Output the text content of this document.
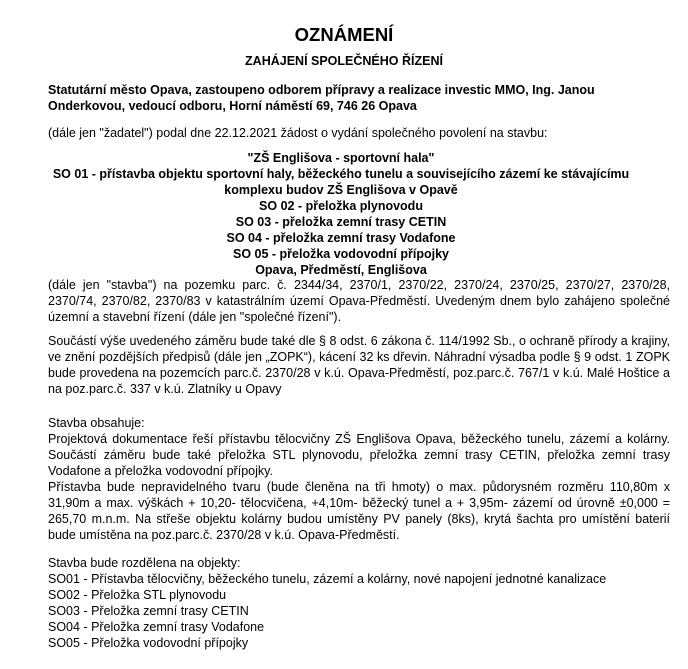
OZNÁMENÍ
ZAHÁJENÍ SPOLEČNÉHO ŘÍZENÍ

Statutární město Opava, zastoupeno odborem přípravy a realizace investic MMO, Ing. Janou Onderkovou, vedoucí odboru, Horní náměstí 69, 746 26 Opava

(dále jen "žadatel") podal dne 22.12.2021 žádost o vydání společného povolení na stavbu:

"ZŠ Englišova - sportovní hala"
SO 01 - přístavba objektu sportovní haly, běžeckého tunelu a souvisejícího zázemí ke stávajícímu komplexu budov ZŠ Englišova v Opavě
SO 02 - přeložka plynovodu
SO 03 - přeložka zemní trasy CETIN
SO 04 - přeložka zemní trasy Vodafone
SO 05 - přeložka vodovodní přípojky
Opava, Předměstí, Englišova

(dále jen "stavba") na pozemku parc. č. 2344/34, 2370/1, 2370/22, 2370/24, 2370/25, 2370/27, 2370/28, 2370/74, 2370/82, 2370/83 v katastrálním území Opava-Předměstí. Uvedeným dnem bylo zahájeno společné územní a stavební řízení (dále jen "společné řízení").

Součástí výše uvedeného záměru bude také dle § 8 odst. 6 zákona č. 114/1992 Sb., o ochraně přírody a krajiny, ve znění pozdějších předpisů (dále jen „ZOPK“), kácení 32 ks dřevin. Náhradní výsadba podle § 9 odst. 1 ZOPK bude provedena na pozemcích parc.č. 2370/28 v k.ú. Opava-Předměstí, poz.parc.č. 767/1 v k.ú. Malé Hoštice a na poz.parc.č. 337 v k.ú. Zlatníky u Opavy

Stavba obsahuje:

Projektová dokumentace řeší přístavbu tělocvičny ZŠ Englišova Opava, běžeckého tunelu, zázemí a kolárny. Součástí záměru bude také přeložka STL plynovodu, přeložka zemní trasy CETIN, přeložka zemní trasy Vodafone a přeložka vodovodní přípojky.

Přístavba bude nepravidelného tvaru (bude členěna na tři hmoty) o max. půdorysném rozměru 110,80m x 31,90m a max. výškách + 10,20- tělocvičena, +4,10m- běžecký tunel a + 3,95m- zázemí od úrovně ±0,000 = 265,70 m.n.m. Na střeše objektu kolárny budou umístěny PV panely (8ks), krytá šachta pro umístění baterií bude umístěna na poz.parc.č. 2370/28 v k.ú. Opava-Předměstí.

Stavba bude rozdělena na objekty:

SO01 - Přístavba tělocvičny, běžeckého tunelu, zázemí a kolárny, nové napojení jednotné kanalizace
SO02 - Přeložka STL plynovodu
SO03 - Přeložka zemní trasy CETIN
SO04 - Přeložka zemní trasy Vodafone
SO05 - Přeložka vodovodní přípojky
